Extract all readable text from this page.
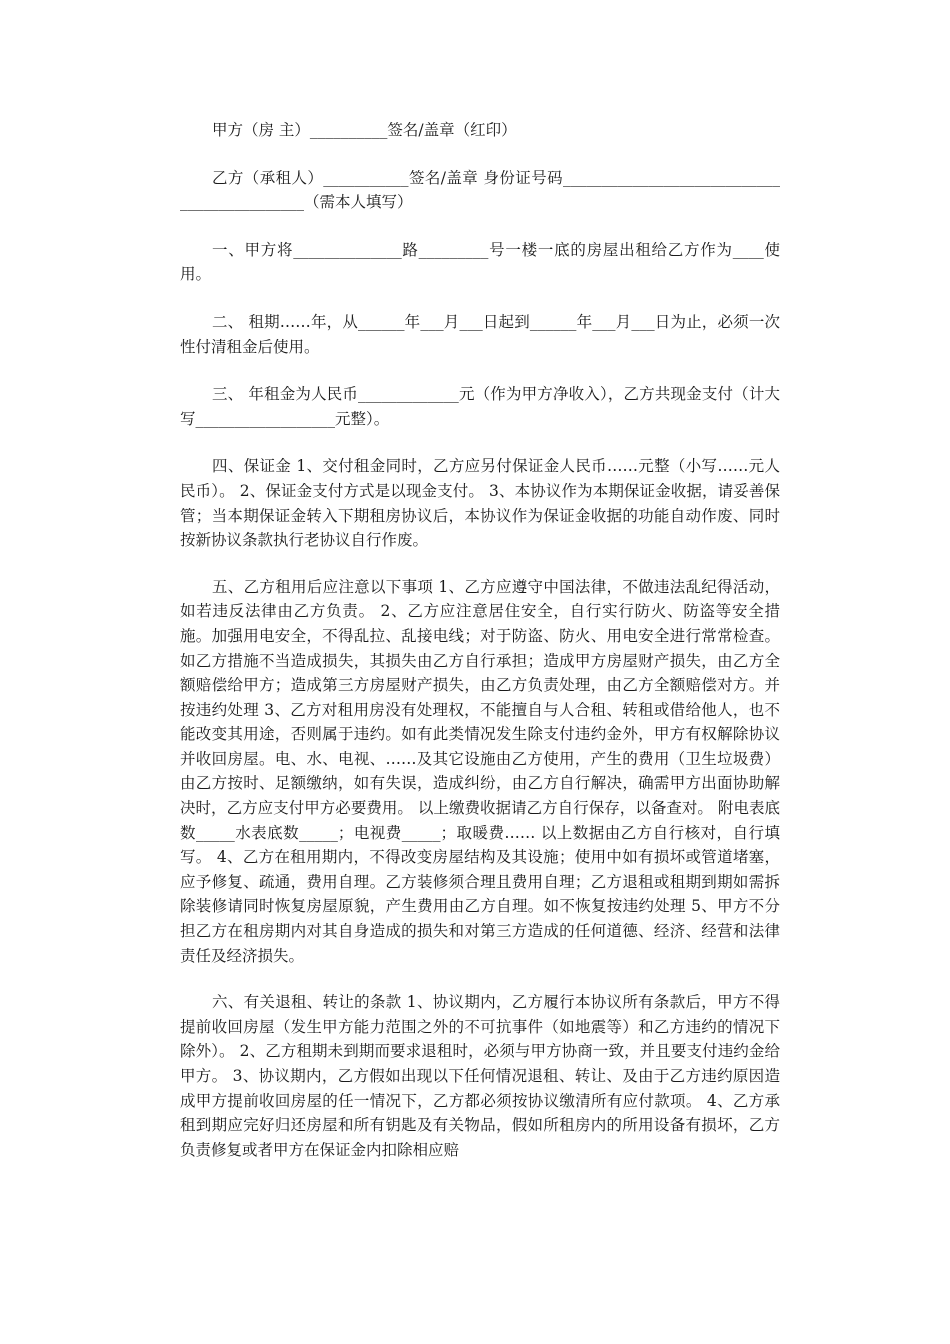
甲方（房 主）__________签名/盖章（红印）

乙方（承租人）___________签名/盖章 身份证号码____________________________________________（需本人填写）

一、甲方将______________路_________号一楼一底的房屋出租给乙方作为____使用。

二、 租期……年，从______年___月___日起到______年___月___日为止，必须一次性付清租金后使用。

三、 年租金为人民币_____________元（作为甲方净收入），乙方共现金支付（计大写__________________元整）。

四、保证金 1、交付租金同时，乙方应另付保证金人民币……元整（小写……元人民币）。 2、保证金支付方式是以现金支付。 3、本协议作为本期保证金收据，请妥善保管；当本期保证金转入下期租房协议后，本协议作为保证金收据的功能自动作废、同时按新协议条款执行老协议自行作废。

五、乙方租用后应注意以下事项 1、乙方应遵守中国法律，不做违法乱纪得活动，如若违反法律由乙方负责。 2、乙方应注意居住安全，自行实行防火、防盗等安全措施。加强用电安全，不得乱拉、乱接电线；对于防盗、防火、用电安全进行常常检查。如乙方措施不当造成损失，其损失由乙方自行承担；造成甲方房屋财产损失，由乙方全额赔偿给甲方；造成第三方房屋财产损失，由乙方负责处理，由乙方全额赔偿对方。并按违约处理 3、乙方对租用房没有处理权，不能擅自与人合租、转租或借给他人，也不能改变其用途，否则属于违约。如有此类情况发生除支付违约金外，甲方有权解除协议并收回房屋。电、水、电视、……及其它设施由乙方使用，产生的费用（卫生垃圾费）由乙方按时、足额缴纳，如有失误，造成纠纷，由乙方自行解决，确需甲方出面协助解决时，乙方应支付甲方必要费用。 以上缴费收据请乙方自行保存，以备查对。 附电表底数_____水表底数_____；电视费_____；取暖费…… 以上数据由乙方自行核对，自行填写。 4、乙方在租用期内，不得改变房屋结构及其设施；使用中如有损坏或管道堵塞，应予修复、疏通，费用自理。乙方装修须合理且费用自理；乙方退租或租期到期如需拆除装修请同时恢复房屋原貌，产生费用由乙方自理。如不恢复按违约处理 5、甲方不分担乙方在租房期内对其自身造成的损失和对第三方造成的任何道德、经济、经营和法律责任及经济损失。

六、有关退租、转让的条款 1、协议期内，乙方履行本协议所有条款后，甲方不得提前收回房屋（发生甲方能力范围之外的不可抗事件（如地震等）和乙方违约的情况下除外）。 2、乙方租期未到期而要求退租时，必须与甲方协商一致，并且要支付违约金给甲方。 3、协议期内，乙方假如出现以下任何情况退租、转让、及由于乙方违约原因造成甲方提前收回房屋的任一情况下，乙方都必须按协议缴清所有应付款项。 4、乙方承租到期应完好归还房屋和所有钥匙及有关物品，假如所租房内的所用设备有损坏，乙方负责修复或者甲方在保证金内扣除相应赔
